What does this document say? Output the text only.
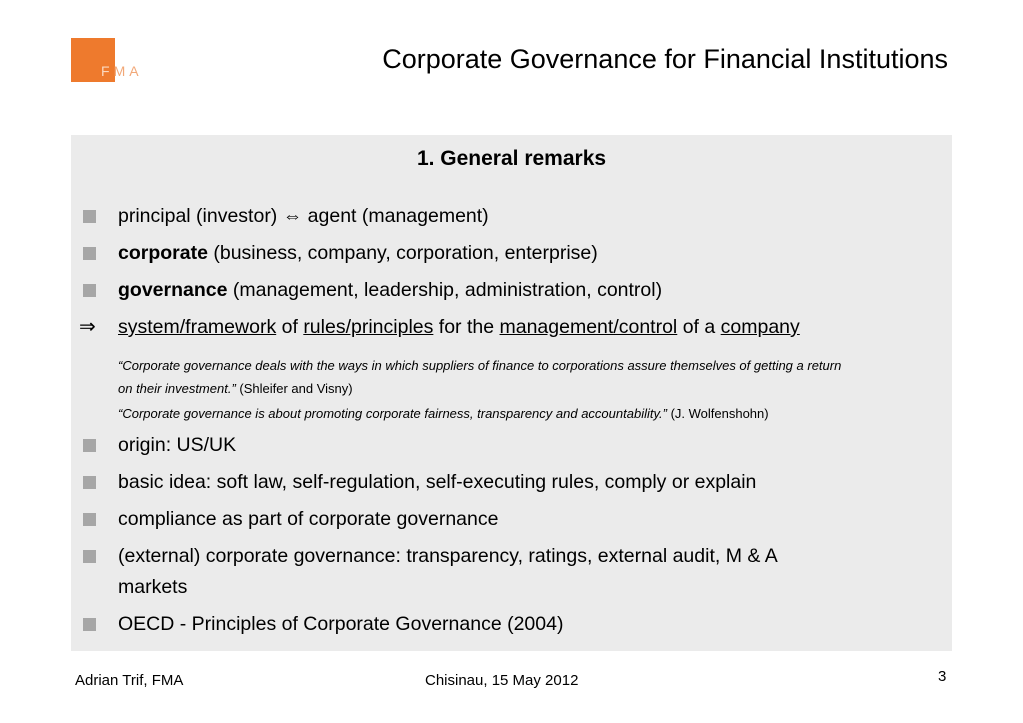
FMA	Corporate Governance for Financial Institutions
1. General remarks
principal (investor) ⇔ agent (management)
corporate (business, company, corporation, enterprise)
governance (management, leadership, administration, control)
⇒ system/framework of rules/principles for the management/control of a company
“Corporate governance deals with the ways in which suppliers of finance to corporations assure themselves of getting a return
on their investment.” (Shleifer and Visny)
“Corporate governance is about promoting corporate fairness, transparency and accountability.” (J. Wolfenshohn)
origin: US/UK
basic idea: soft law, self-regulation, self-executing rules, comply or explain
compliance as part of corporate governance
(external) corporate governance: transparency, ratings, external audit, M & A
markets
OECD - Principles of Corporate Governance (2004)
Adrian Trif, FMA	Chisinau, 15 May 2012	3
